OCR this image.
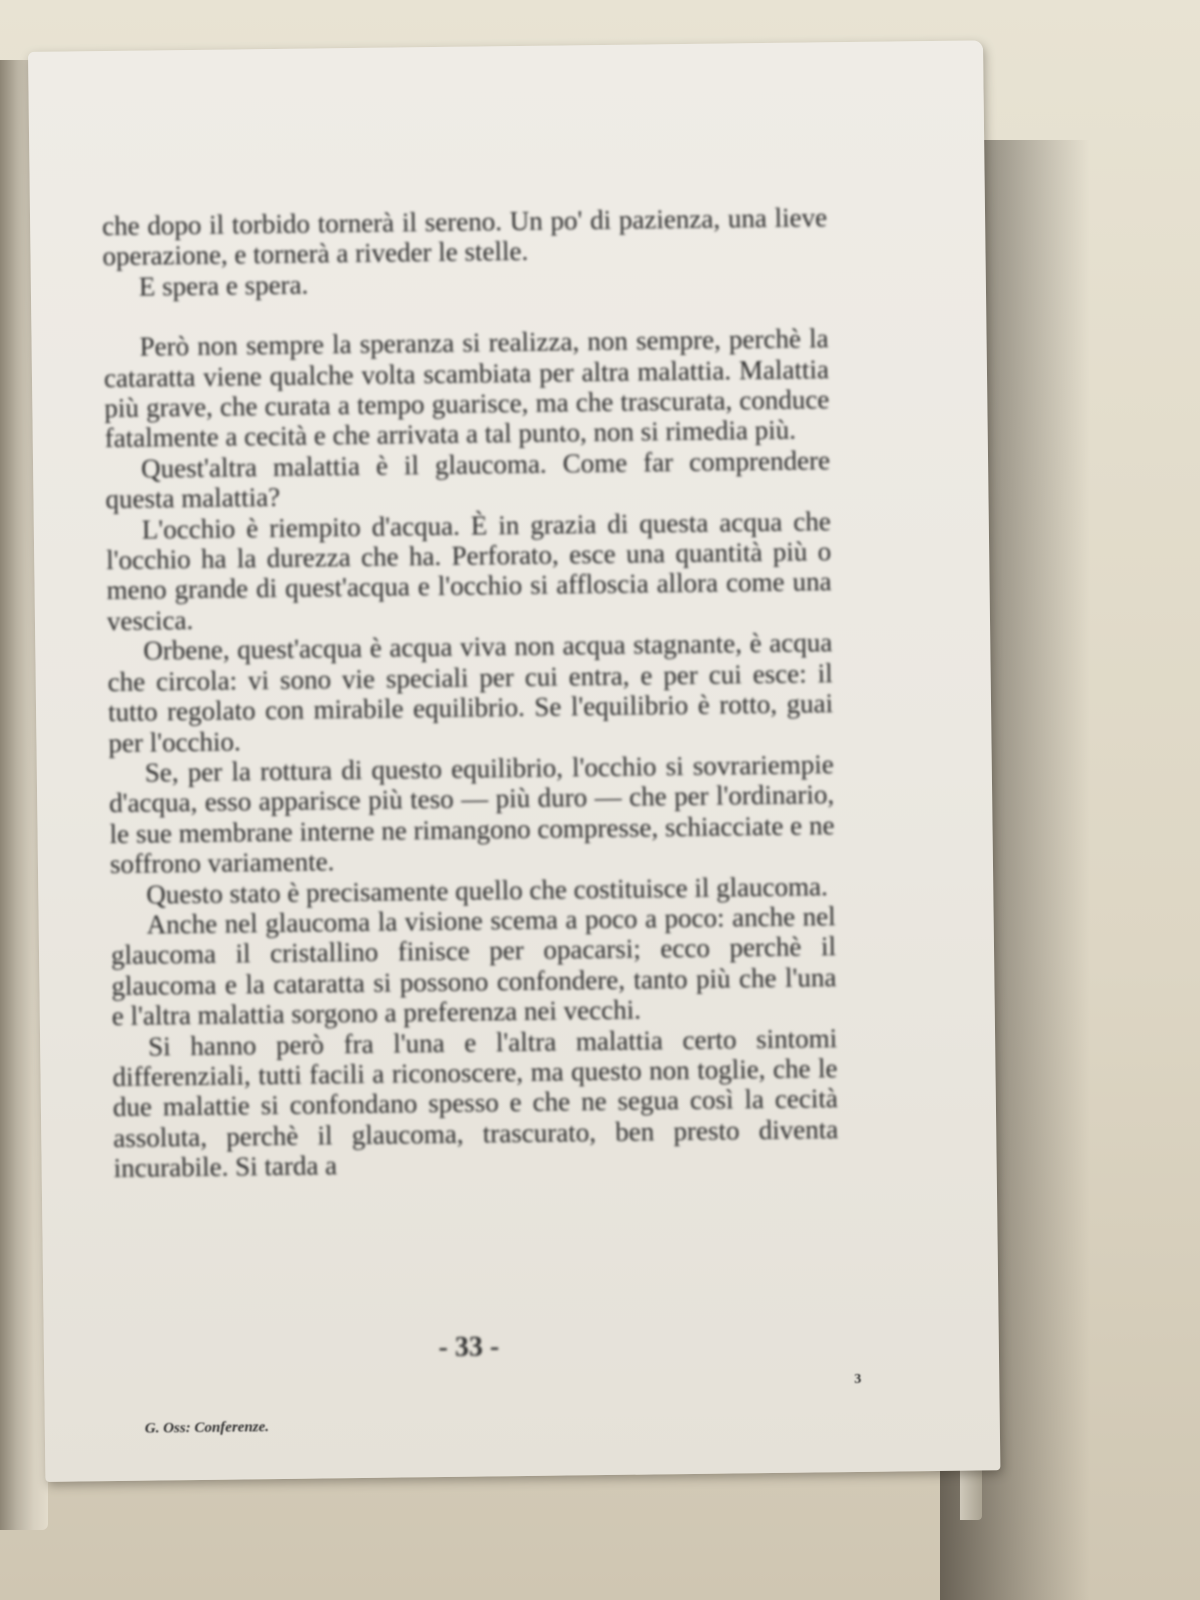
che dopo il torbido tornerà il sereno. Un po' di pazienza, una lieve operazione, e tornerà a riveder le stelle.

E spera e spera.

Però non sempre la speranza si realizza, non sempre, perchè la cataratta viene qualche volta scambiata per altra malattia. Malattia più grave, che curata a tempo guarisce, ma che trascurata, conduce fatalmente a cecità e che arrivata a tal punto, non si rimedia più.

Quest'altra malattia è il glaucoma. Come far comprendere questa malattia?

L'occhio è riempito d'acqua. È in grazia di questa acqua che l'occhio ha la durezza che ha. Perforato, esce una quantità più o meno grande di quest'acqua e l'occhio si affloscia allora come una vescica.

Orbene, quest'acqua è acqua viva non acqua stagnante, è acqua che circola: vi sono vie speciali per cui entra, e per cui esce: il tutto regolato con mirabile equilibrio. Se l'equilibrio è rotto, guai per l'occhio.

Se, per la rottura di questo equilibrio, l'occhio si sovrariempie d'acqua, esso apparisce più teso — più duro — che per l'ordinario, le sue membrane interne ne rimangono compresse, schiacciate e ne soffrono variamente.

Questo stato è precisamente quello che costituisce il glaucoma.

Anche nel glaucoma la visione scema a poco a poco: anche nel glaucoma il cristallino finisce per opacarsi; ecco perchè il glaucoma e la cataratta si possono confondere, tanto più che l'una e l'altra malattia sorgono a preferenza nei vecchi.

Si hanno però fra l'una e l'altra malattia certo sintomi differenziali, tutti facili a riconoscere, ma questo non toglie, che le due malattie si confondano spesso e che ne segua così la cecità assoluta, perchè il glaucoma, trascurato, ben presto diventa incurabile. Si tarda a

- 33 -
3
G. Oss: Conferenze.
